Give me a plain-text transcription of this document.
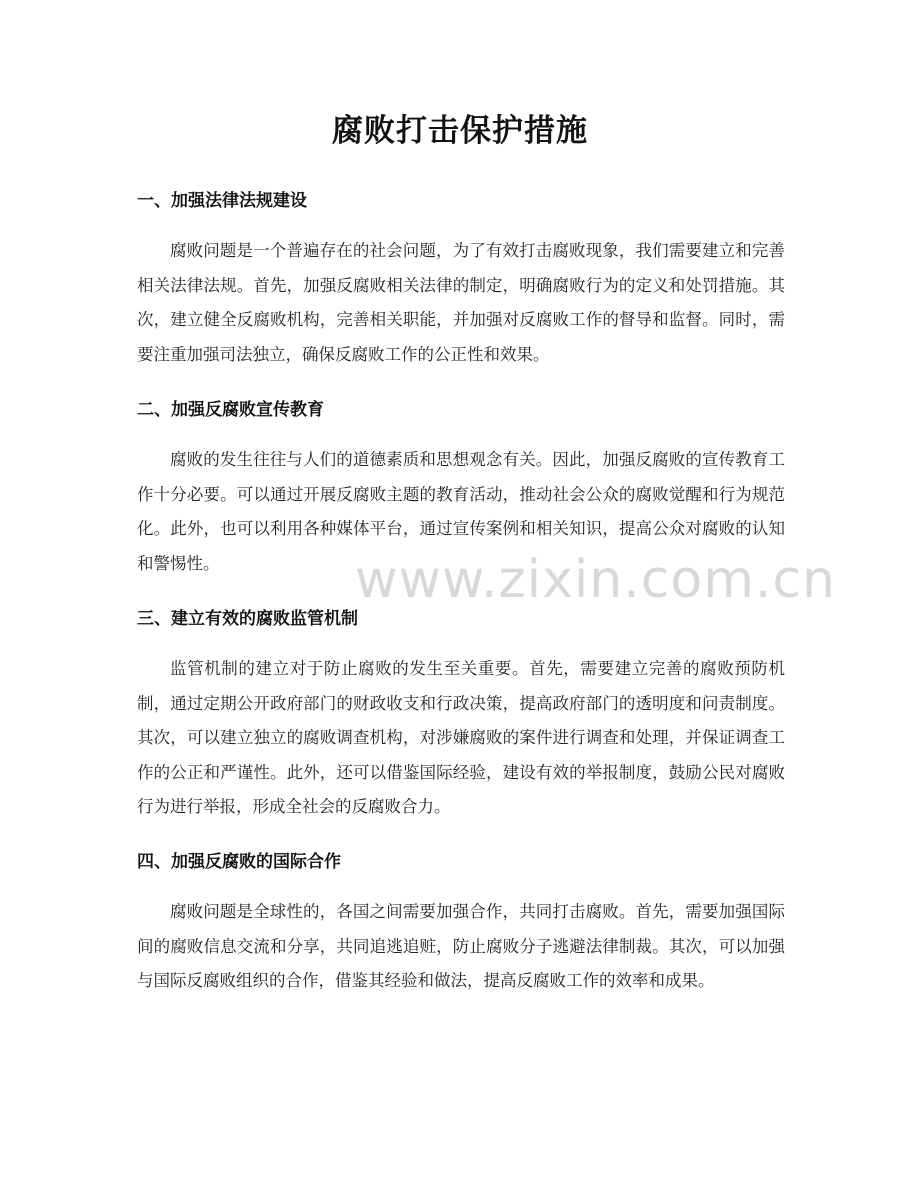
腐败打击保护措施
一、加强法律法规建设

腐败问题是一个普遍存在的社会问题，为了有效打击腐败现象，我们需要建立和完善相关法律法规。首先，加强反腐败相关法律的制定，明确腐败行为的定义和处罚措施。其次，建立健全反腐败机构，完善相关职能，并加强对反腐败工作的督导和监督。同时，需要注重加强司法独立，确保反腐败工作的公正性和效果。

二、加强反腐败宣传教育

腐败的发生往往与人们的道德素质和思想观念有关。因此，加强反腐败的宣传教育工作十分必要。可以通过开展反腐败主题的教育活动，推动社会公众的腐败觉醒和行为规范化。此外，也可以利用各种媒体平台，通过宣传案例和相关知识，提高公众对腐败的认知和警惕性。

三、建立有效的腐败监管机制

监管机制的建立对于防止腐败的发生至关重要。首先，需要建立完善的腐败预防机制，通过定期公开政府部门的财政收支和行政决策，提高政府部门的透明度和问责制度。其次，可以建立独立的腐败调查机构，对涉嫌腐败的案件进行调查和处理，并保证调查工作的公正和严谨性。此外，还可以借鉴国际经验，建设有效的举报制度，鼓励公民对腐败行为进行举报，形成全社会的反腐败合力。

四、加强反腐败的国际合作

腐败问题是全球性的，各国之间需要加强合作，共同打击腐败。首先，需要加强国际间的腐败信息交流和分享，共同追逃追赃，防止腐败分子逃避法律制裁。其次，可以加强与国际反腐败组织的合作，借鉴其经验和做法，提高反腐败工作的效率和成果。

www.zixin.com.cn
